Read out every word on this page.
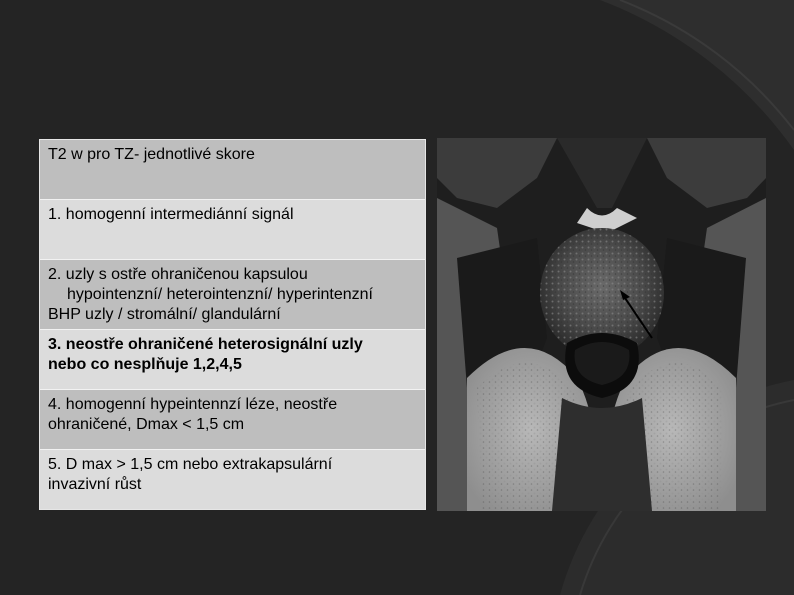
T2 w pro TZ- jednotlivé skore
1. homogenní intermediánní signál
2. uzly s ostře ohraničenou kapsulou
hypointenzní/ heterointenzní/ hyperintenzní
BHP uzly / stromální/ glandulární
3. neostře ohraničené heterosignální uzly
nebo co nesplňuje 1,2,4,5
4. homogenní hypeintennzí léze, neostře
ohraničené, Dmax < 1,5 cm
5. D max > 1,5 cm nebo extrakapsulární
invazivní růst
